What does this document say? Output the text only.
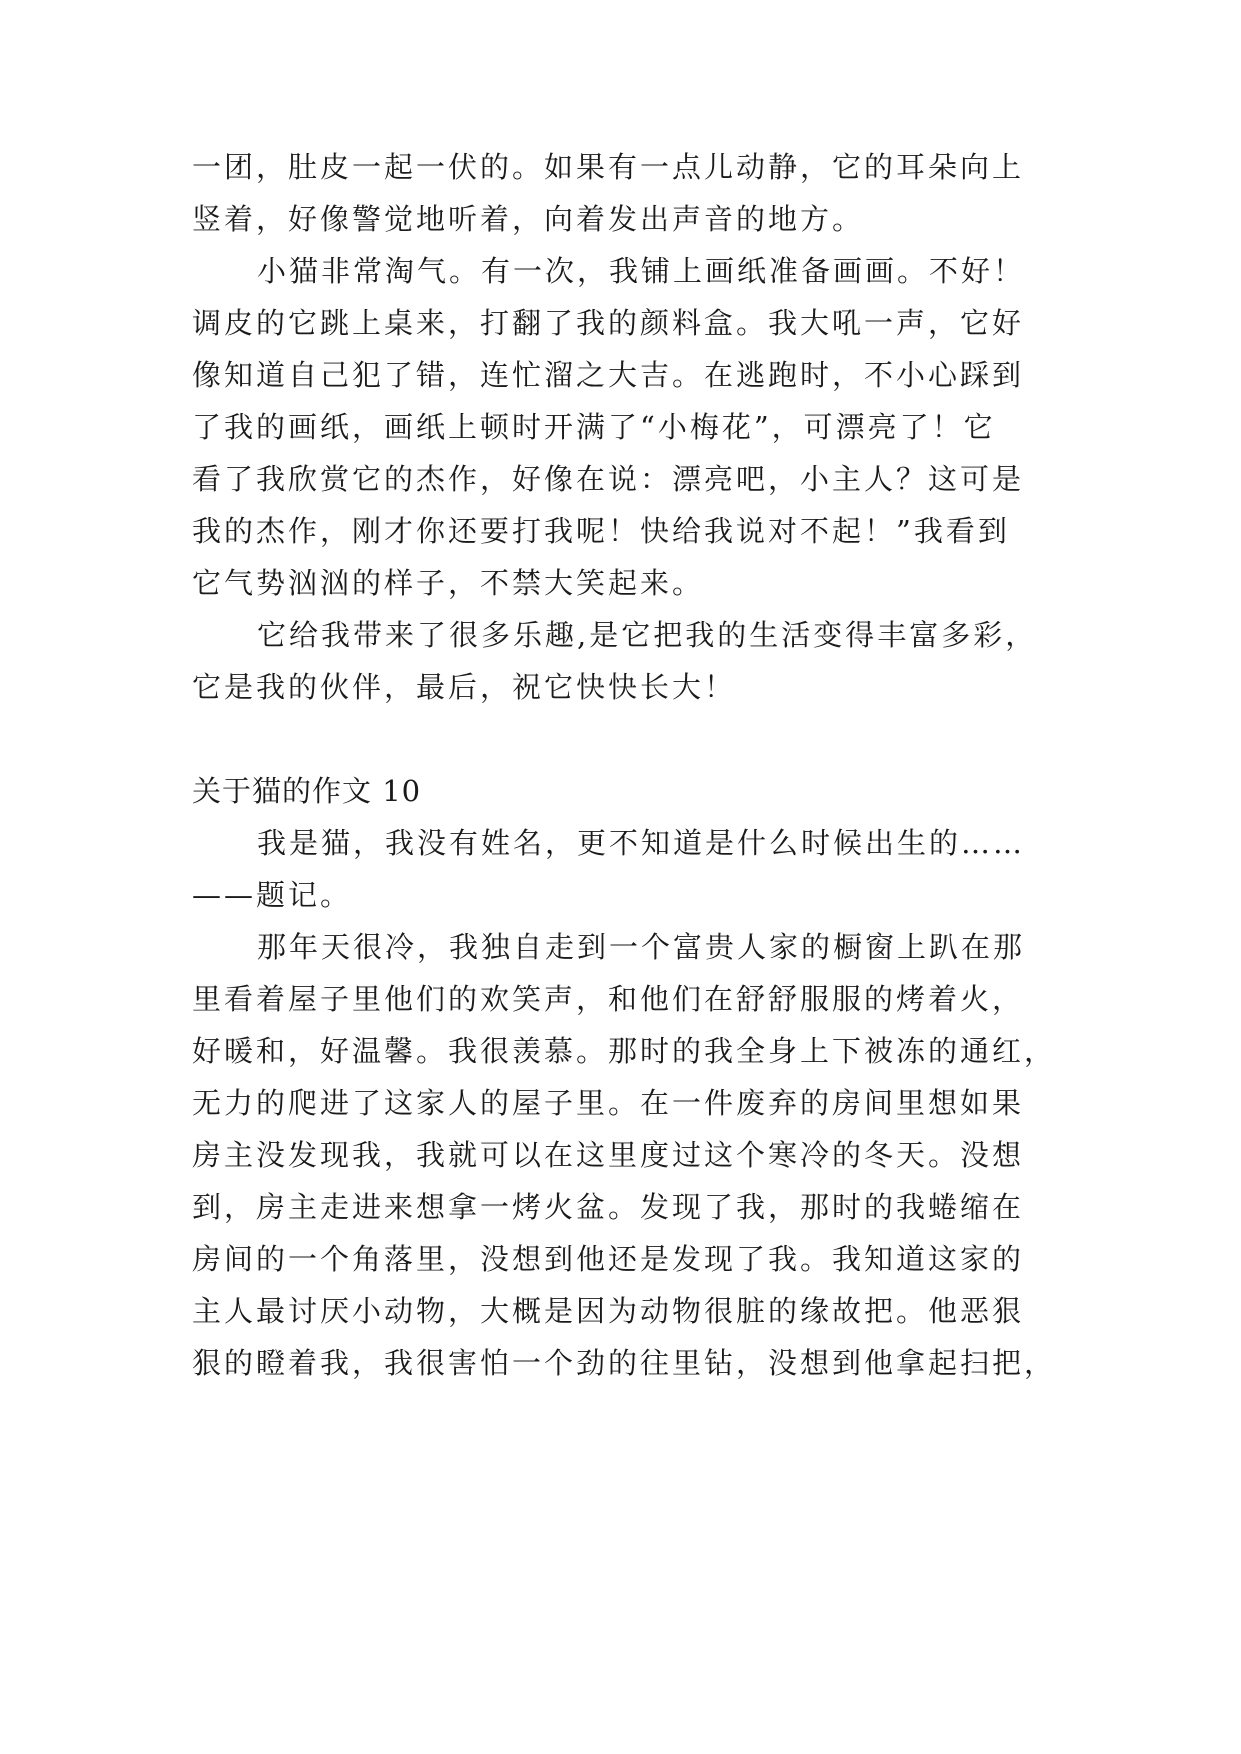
一团，肚皮一起一伏的。如果有一点儿动静，它的耳朵向上
竖着，好像警觉地听着，向着发出声音的地方。
小猫非常淘气。有一次，我铺上画纸准备画画。不好！
调皮的它跳上桌来，打翻了我的颜料盒。我大吼一声，它好
像知道自己犯了错，连忙溜之大吉。在逃跑时，不小心踩到
了我的画纸，画纸上顿时开满了“小梅花”，可漂亮了！它
看了我欣赏它的杰作，好像在说：漂亮吧，小主人？这可是
我的杰作，刚才你还要打我呢！快给我说对不起！”我看到
它气势汹汹的样子，不禁大笑起来。
它给我带来了很多乐趣,是它把我的生活变得丰富多彩，
它是我的伙伴，最后，祝它快快长大！
关于猫的作文 10
我是猫，我没有姓名，更不知道是什么时候出生的……
——题记。
那年天很冷，我独自走到一个富贵人家的橱窗上趴在那
里看着屋子里他们的欢笑声，和他们在舒舒服服的烤着火，
好暖和，好温馨。我很羡慕。那时的我全身上下被冻的通红，
无力的爬进了这家人的屋子里。在一件废弃的房间里想如果
房主没发现我，我就可以在这里度过这个寒冷的冬天。没想
到，房主走进来想拿一烤火盆。发现了我，那时的我蜷缩在
房间的一个角落里，没想到他还是发现了我。我知道这家的
主人最讨厌小动物，大概是因为动物很脏的缘故把。他恶狠
狠的瞪着我，我很害怕一个劲的往里钻，没想到他拿起扫把，
